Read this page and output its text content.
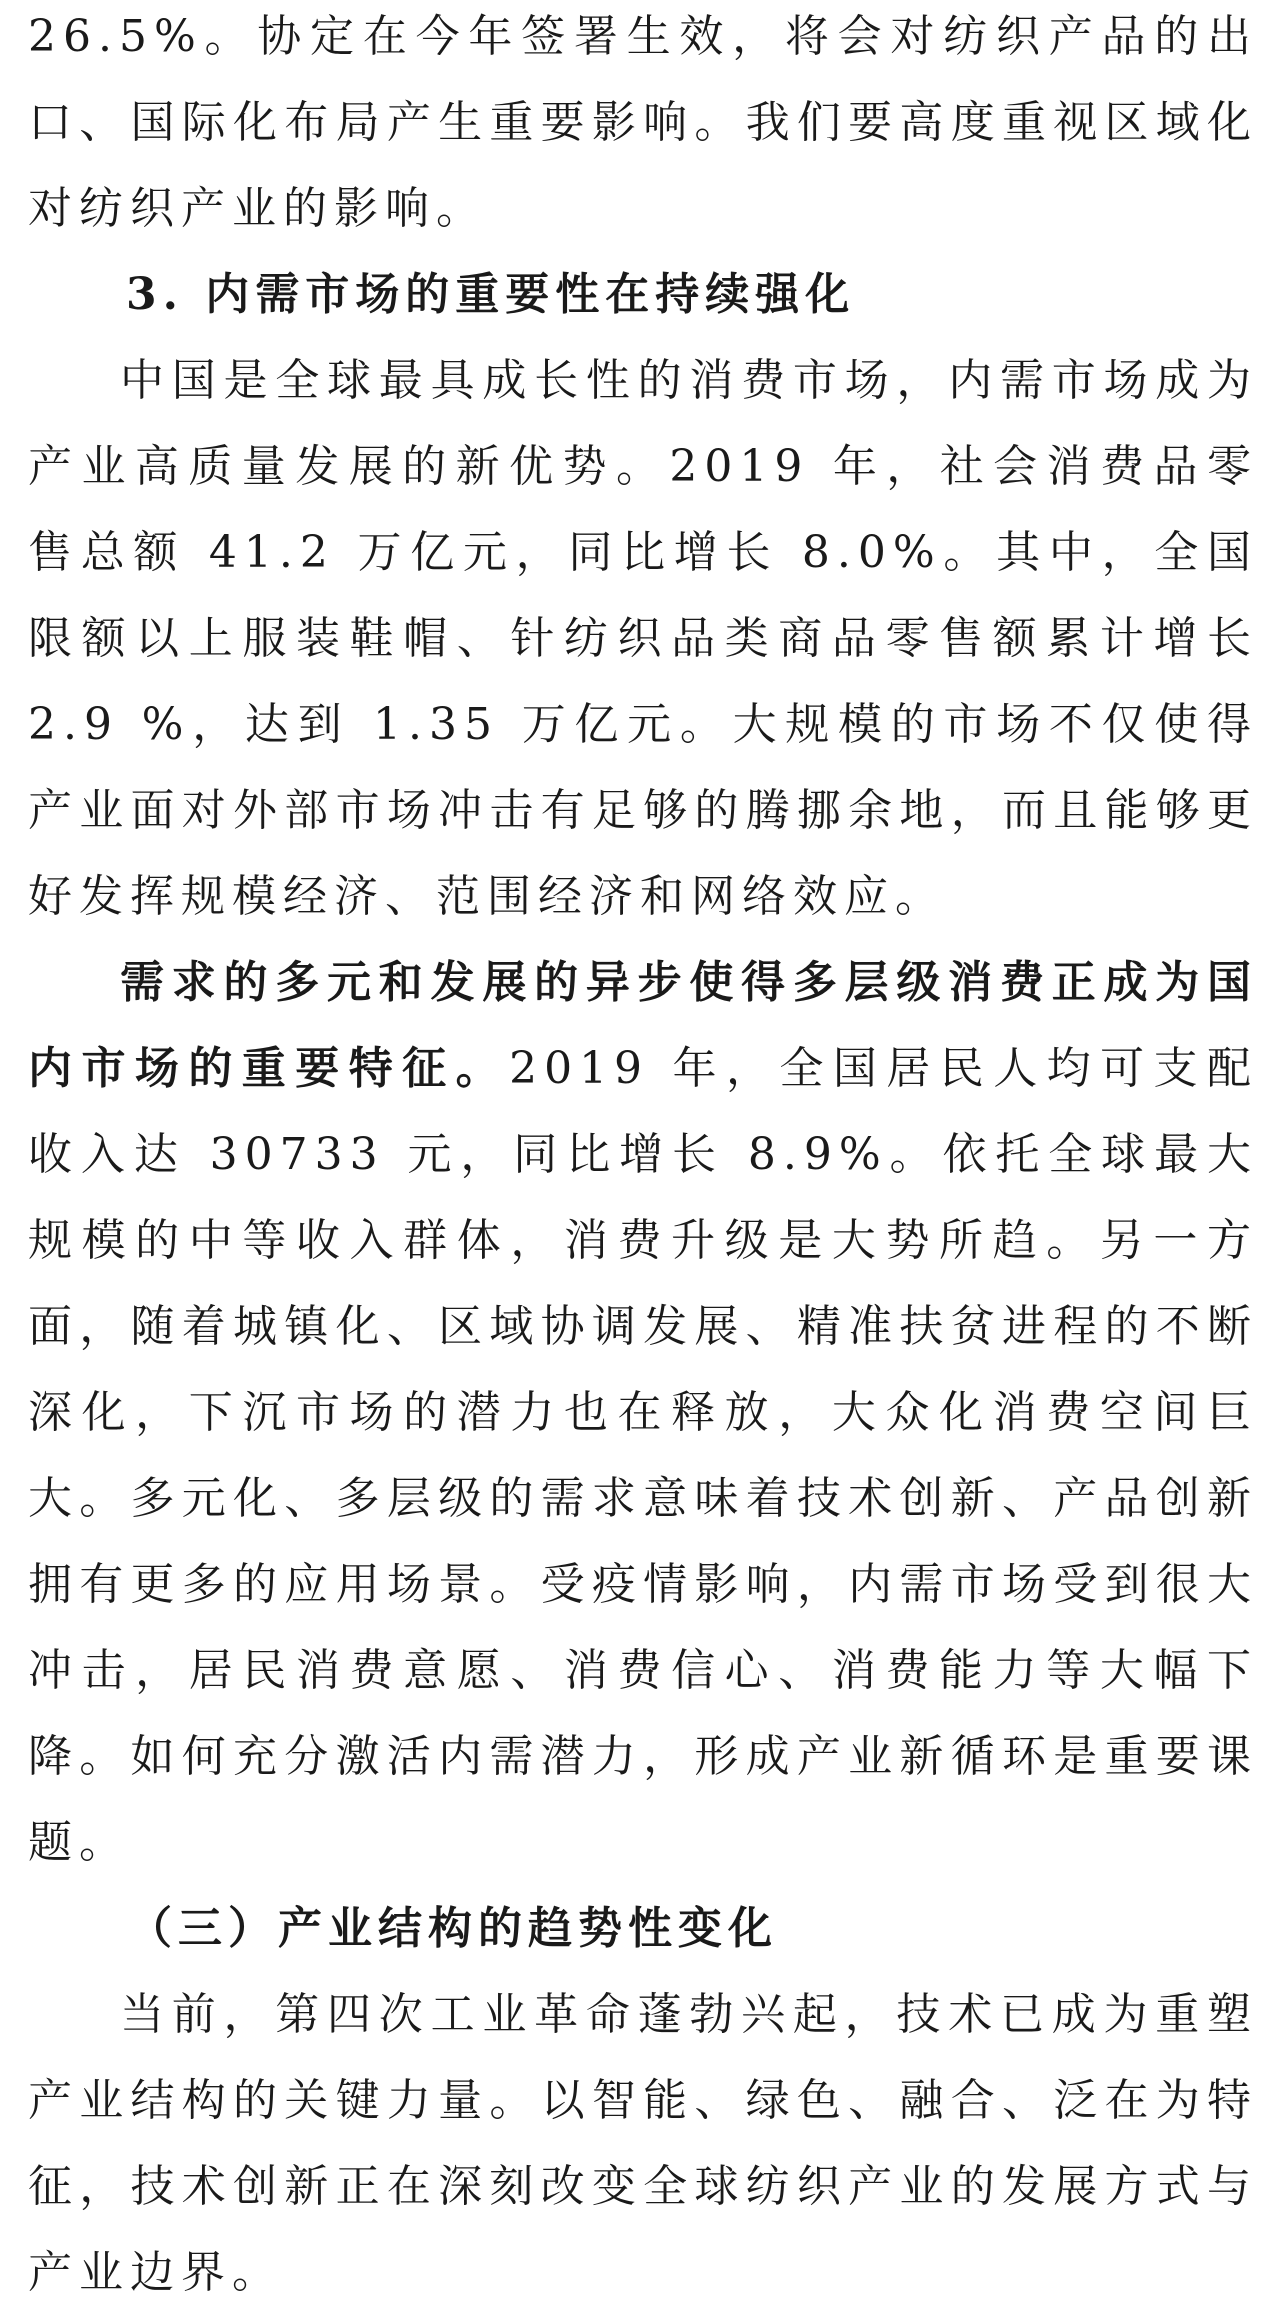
26.5%。协定在今年签署生效，将会对纺织产品的出口、国际化布局产生重要影响。我们要高度重视区域化对纺织产业的影响。

3. 内需市场的重要性在持续强化

中国是全球最具成长性的消费市场，内需市场成为产业高质量发展的新优势。2019 年，社会消费品零售总额 41.2 万亿元，同比增长 8.0%。其中，全国限额以上服装鞋帽、针纺织品类商品零售额累计增长 2.9 %，达到 1.35 万亿元。大规模的市场不仅使得产业面对外部市场冲击有足够的腾挪余地，而且能够更好发挥规模经济、范围经济和网络效应。

需求的多元和发展的异步使得多层级消费正成为国内市场的重要特征。2019 年，全国居民人均可支配收入达 30733 元，同比增长 8.9%。依托全球最大规模的中等收入群体，消费升级是大势所趋。另一方面，随着城镇化、区域协调发展、精准扶贫进程的不断深化，下沉市场的潜力也在释放，大众化消费空间巨大。多元化、多层级的需求意味着技术创新、产品创新拥有更多的应用场景。受疫情影响，内需市场受到很大冲击，居民消费意愿、消费信心、消费能力等大幅下降。如何充分激活内需潜力，形成产业新循环是重要课题。

（三）产业结构的趋势性变化

当前，第四次工业革命蓬勃兴起，技术已成为重塑产业结构的关键力量。以智能、绿色、融合、泛在为特征，技术创新正在深刻改变全球纺织产业的发展方式与产业边界。
